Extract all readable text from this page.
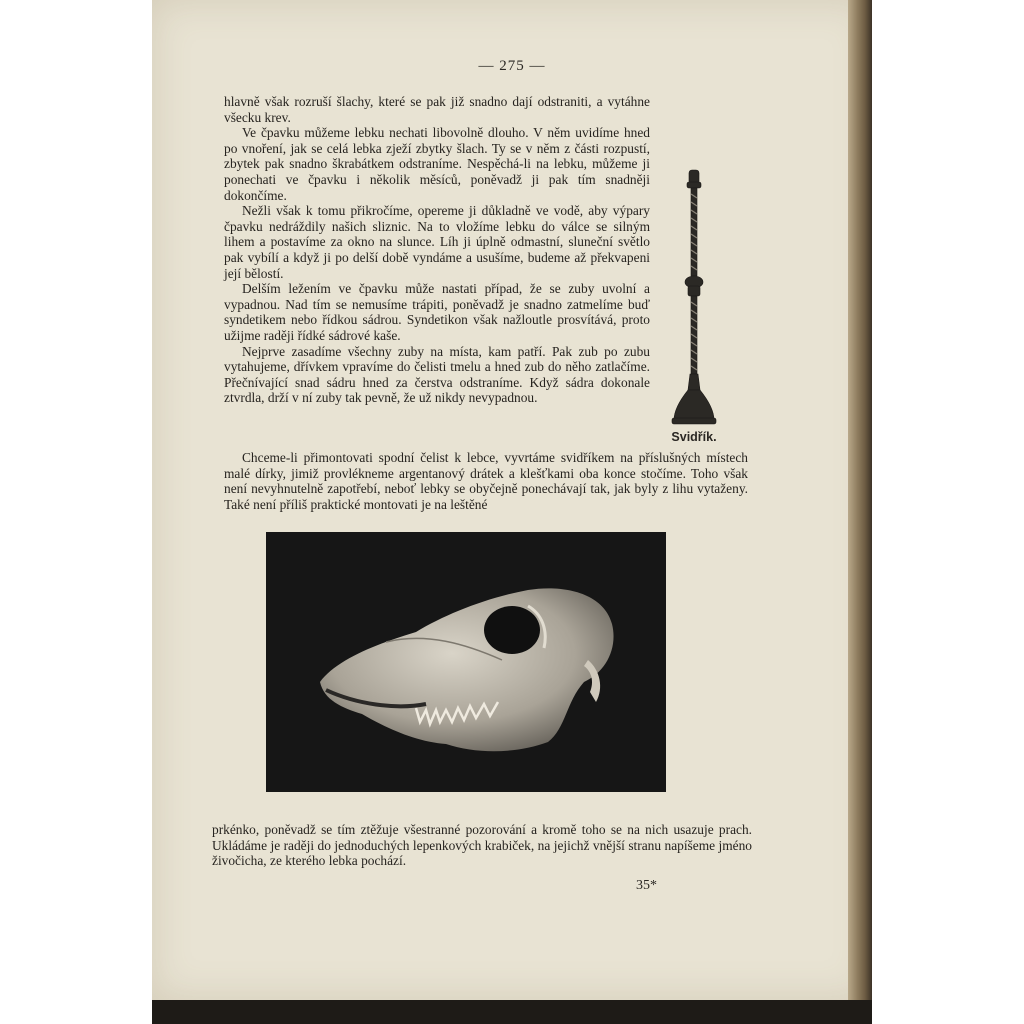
— 275 —

hlavně však rozruší šlachy, které se pak již snadno dají odstraniti, a vytáhne všecku krev.

Ve čpavku můžeme lebku nechati libovolně dlouho. V něm uvidíme hned po vnoření, jak se celá lebka zježí zbytky šlach. Ty se v něm z části rozpustí, zbytek pak snadno škrabátkem odstraníme. Nespěchá-li na lebku, můžeme ji ponechati ve čpavku i několik měsíců, poněvadž ji pak tím snadněji dokončíme.

Nežli však k tomu přikročíme, opereme ji důkladně ve vodě, aby výpary čpavku nedráždily našich sliznic. Na to vložíme lebku do válce se silným lihem a postavíme za okno na slunce. Líh ji úplně odmastní, sluneční světlo pak vybílí a když ji po delší době vyndáme a usušíme, budeme až překvapeni její bělostí.

Delším ležením ve čpavku může nastati případ, že se zuby uvolní a vypadnou. Nad tím se nemusíme trápiti, poněvadž je snadno zatmelíme buď syndetikem nebo řídkou sádrou. Syndetikon však nažloutle prosvítává, proto užijme raději řídké sádrové kaše.

Nejprve zasadíme všechny zuby na místa, kam patří. Pak zub po zubu vytahujeme, dřívkem vpravíme do čelisti tmelu a hned zub do něho zatlačíme. Přečnívající snad sádru hned za čerstva odstraníme. Když sádra dokonale ztvrdla, drží v ní zuby tak pevně, že už nikdy nevypadnou.

Svidřík.

Chceme-li přimontovati spodní čelist k lebce, vyvrtáme svidříkem na příslušných místech malé dírky, jimiž provlékneme argentanový drátek a klešťkami oba konce stočíme. Toho však není nevyhnutelně zapotřebí, neboť lebky se obyčejně ponechávají tak, jak byly z lihu vytaženy. Také není příliš praktické montovati je na leštěné

prkénko, poněvadž se tím ztěžuje všestranné pozorování a kromě toho se na nich usazuje prach. Ukládáme je raději do jednoduchých lepenkových krabiček, na jejichž vnější stranu napíšeme jméno živočicha, ze kterého lebka pochází.

35*
